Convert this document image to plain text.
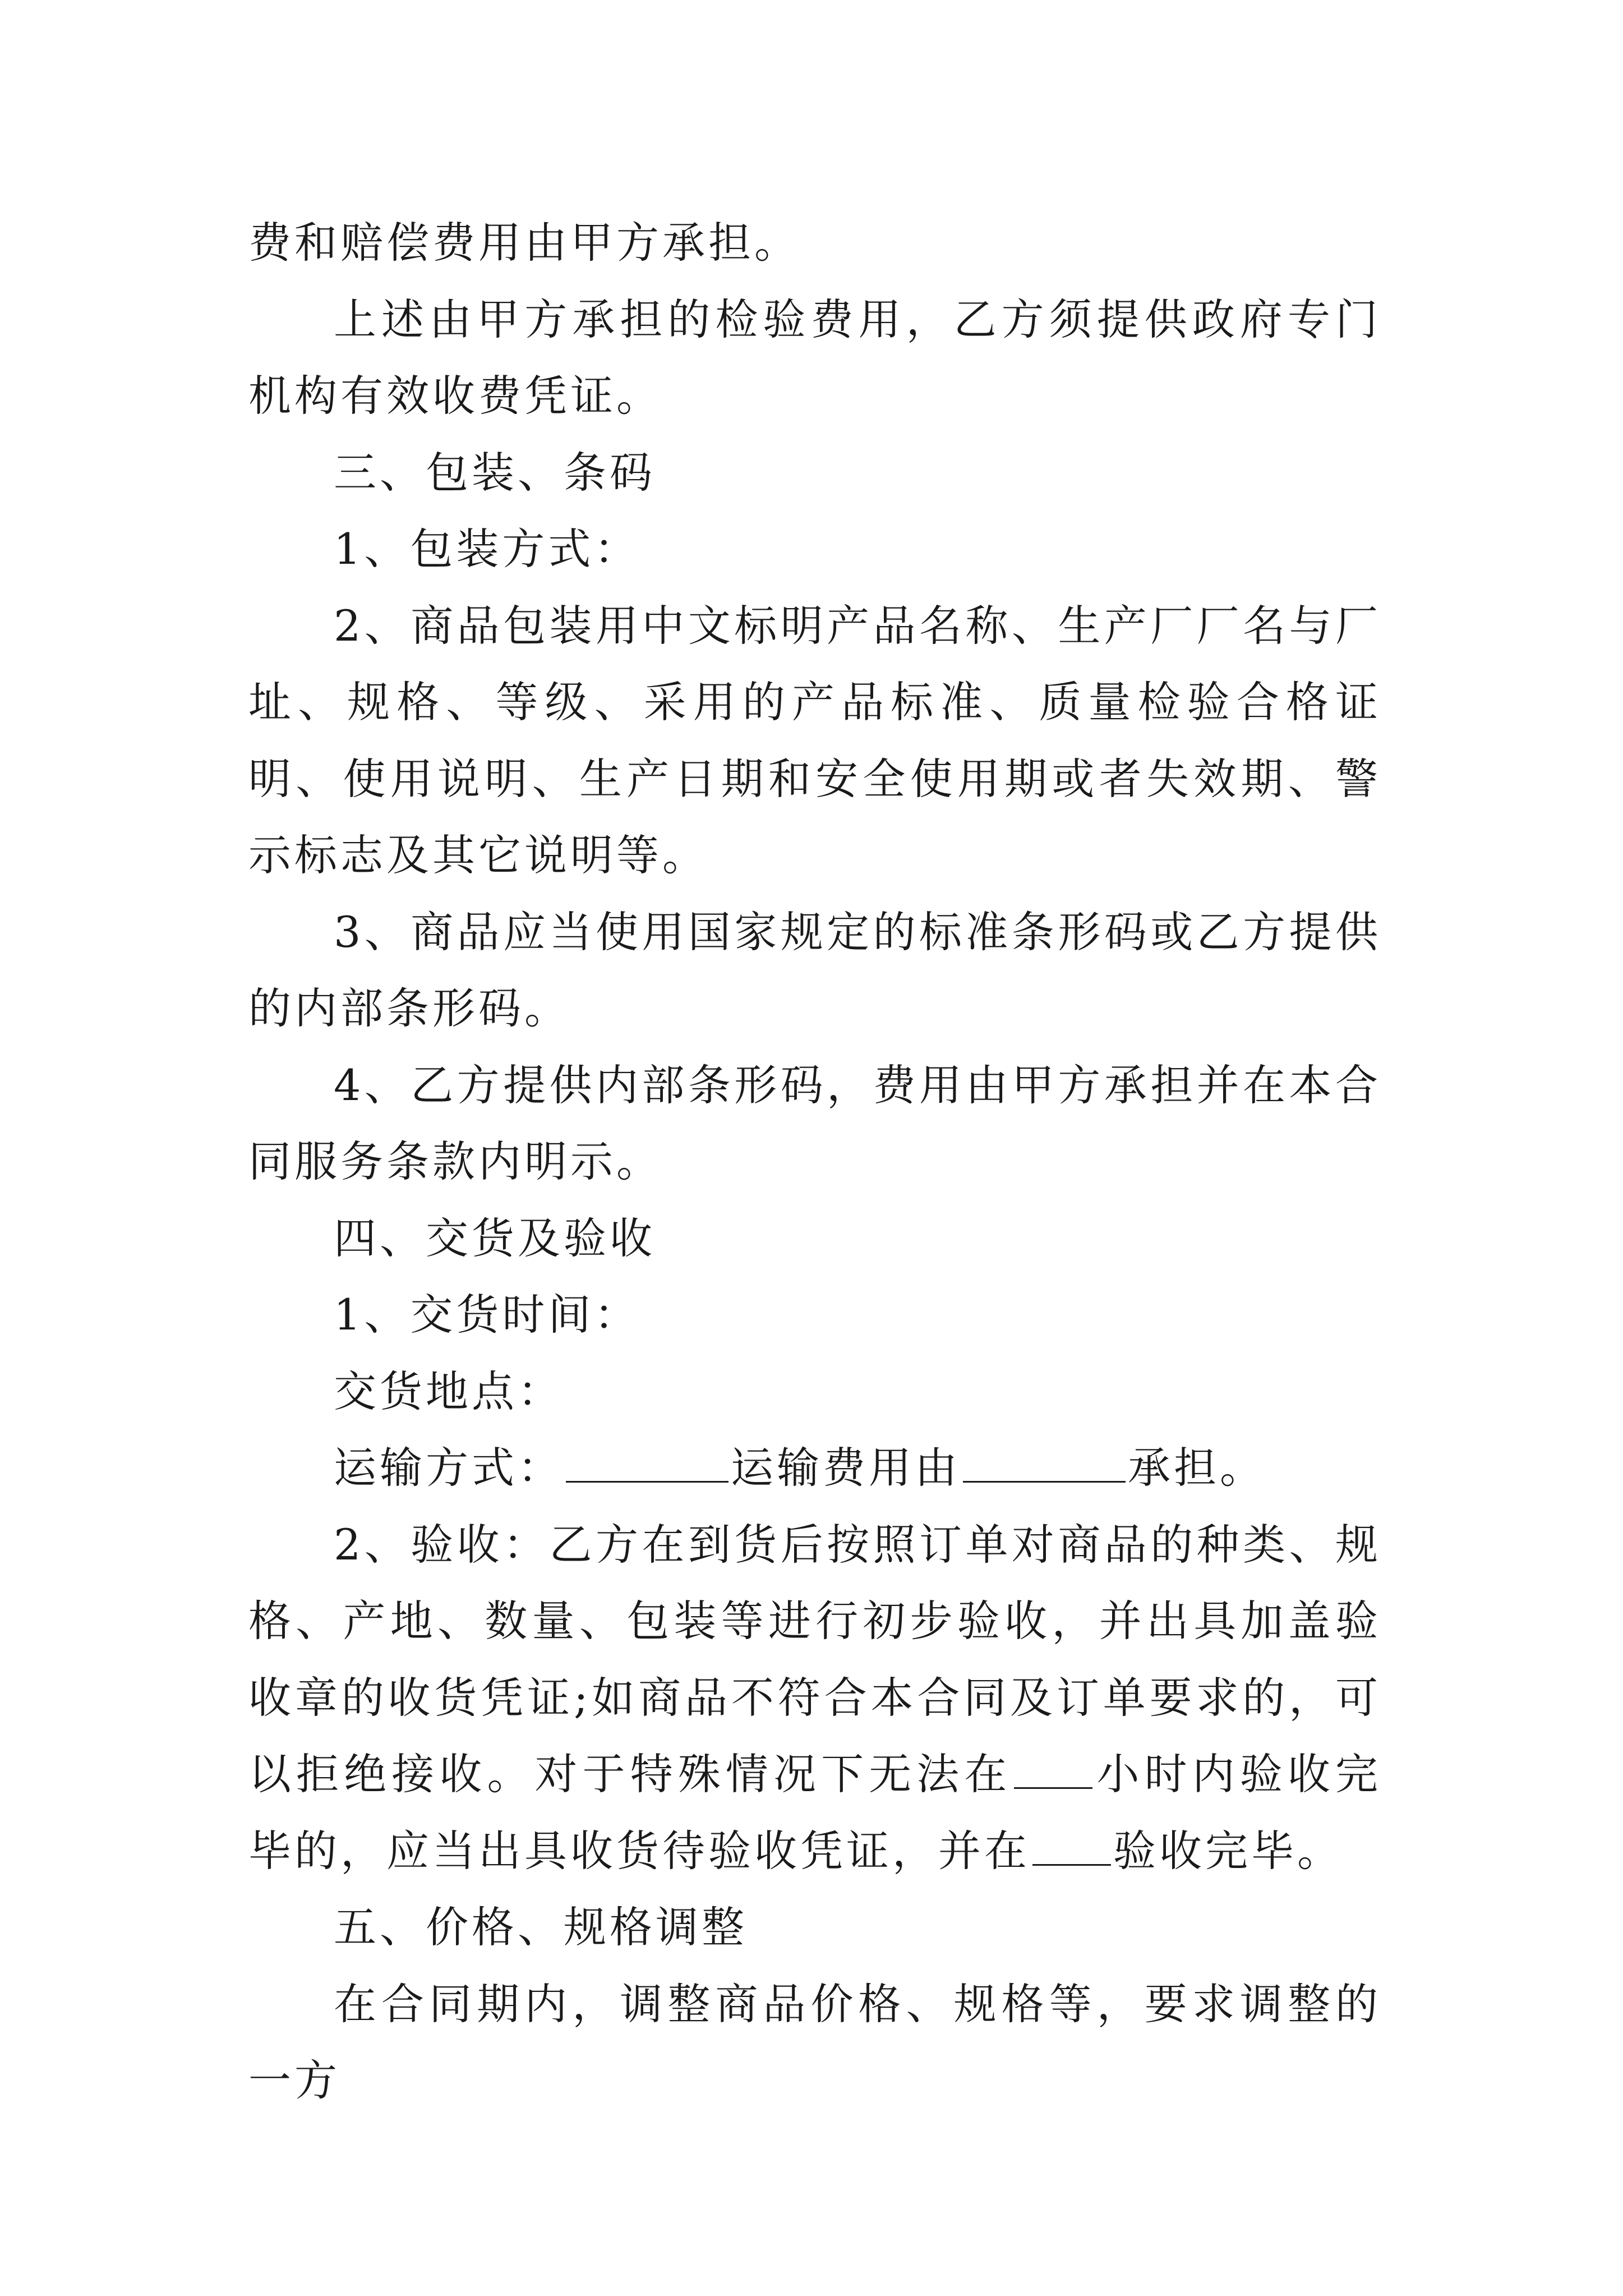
费和赔偿费用由甲方承担。

上述由甲方承担的检验费用，乙方须提供政府专门机构有效收费凭证。

三、包装、条码

1、包装方式：

2、商品包装用中文标明产品名称、生产厂厂名与厂址、规格、等级、采用的产品标准、质量检验合格证明、使用说明、生产日期和安全使用期或者失效期、警示标志及其它说明等。

3、商品应当使用国家规定的标准条形码或乙方提供的内部条形码。

4、乙方提供内部条形码，费用由甲方承担并在本合同服务条款内明示。

四、交货及验收

1、交货时间：

交货地点：

运输方式：	运输费用由	承担。

2、验收：乙方在到货后按照订单对商品的种类、规格、产地、数量、包装等进行初步验收，并出具加盖验收章的收货凭证;如商品不符合本合同及订单要求的，可以拒绝接收。对于特殊情况下无法在 小时内验收完毕的，应当出具收货待验收凭证，并在 验收完毕。

五、价格、规格调整

在合同期内，调整商品价格、规格等，要求调整的一方
